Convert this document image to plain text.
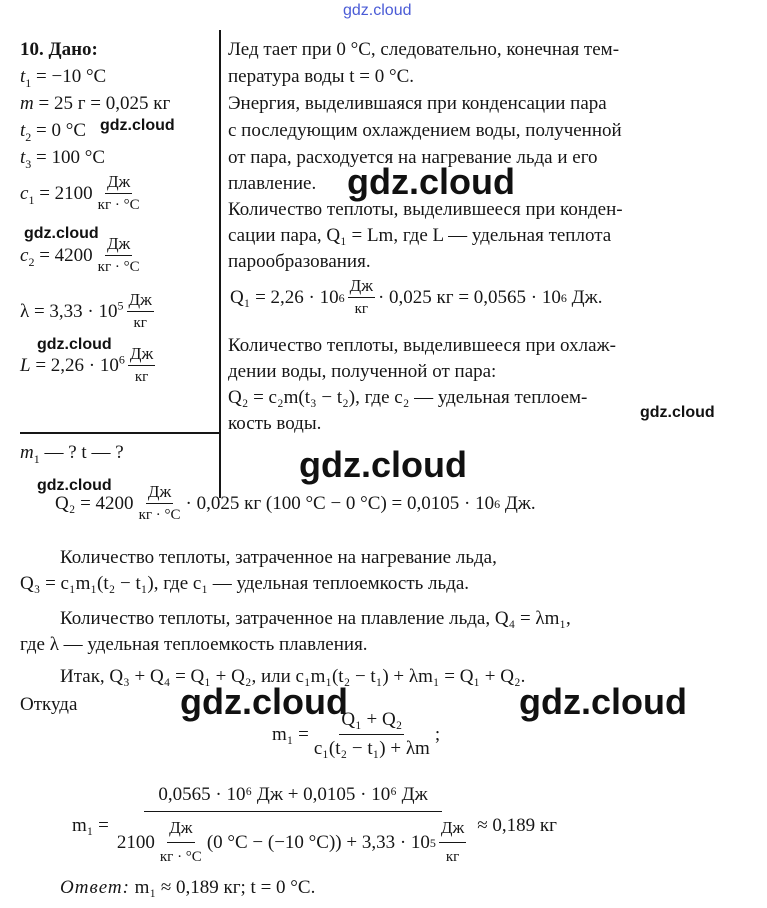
gdz.cloud
gdz.cloud
gdz.cloud
gdz.cloud
gdz.cloud
gdz.cloud
gdz.cloud
gdz.cloud
gdz.cloud	gdz.cloud
10. Дано:
$t_1 = -10$ °C
m = 25 г = 0,025 кг
$t_2 = 0$ °C
$t_3 = 100$ °C
$c_1 = 2100 \frac{Дж}{кг \cdot ^\circ C}$
$c_2 = 4200 \frac{Дж}{кг \cdot ^\circ C}$
$\lambda = 3,33 \cdot 10^5 \frac{Дж}{кг}$
$L = 2,26 \cdot 10^6 \frac{Дж}{кг}$
$m_1$ — ? t — ?
Лед тает при 0 °C, следовательно, конечная тем-
пература воды t = 0 °C.
Энергия, выделившаяся при конденсации пара
с последующим охлаждением воды, полученной
от пара, расходуется на нагревание льда и его
плавление.
Количество теплоты, выделившееся при конден-
сации пара, Q₁ = Lm, где L — удельная теплота
парообразования.
Q₁ = 2,26 · 10 $6 \frac{Дж}{кг} \cdot 0,025$ кг = 0,0565 · 10 6
Дж.
Количество теплоты, выделившееся при охлаж-
дении воды, полученной от пара:
Q₂ = c₂m(t₃ − t₂), где c₂ — удельная теплоем-
кость воды.
$Q_2 = 4200 \frac{Дж}{кг \cdot ^\circ C} \cdot 0,025$ кг (100 °C − 0 °C) = 0,0105 · 10 6
Дж.
Количество теплоты, затраченное на нагревание льда,
Q₃ = c₁m₁(t₂ − t₁), где c₁ — удельная теплоемкость льда.
Количество теплоты, затраченное на плавление льда, Q₄ = λm₁,
где λ — удельная теплоемкость плавления.
Итак, Q₃ + Q₄ = Q₁ + Q₂, или c₁m₁(t₂ − t₁) + λm₁ = Q₁ + Q₂.
Откуда
$m_1 = \frac{\text{Q₁ + Q₂}}{\text{c₁(t₂ − t₁) + λm}}$ ;
m₁ =
0,0565 · 10⁶ Дж + 0,0105 · 10⁶ Дж
$2100 \frac{Дж}{кг \cdot ^\circ C} (0$ °C − (−10 °C)) + 3,33 · 10 $5 \frac{Дж}{кг} \approx 0,189$ кг
Ответ: m₁ ≈ 0,189 кг; t = 0 °C.
